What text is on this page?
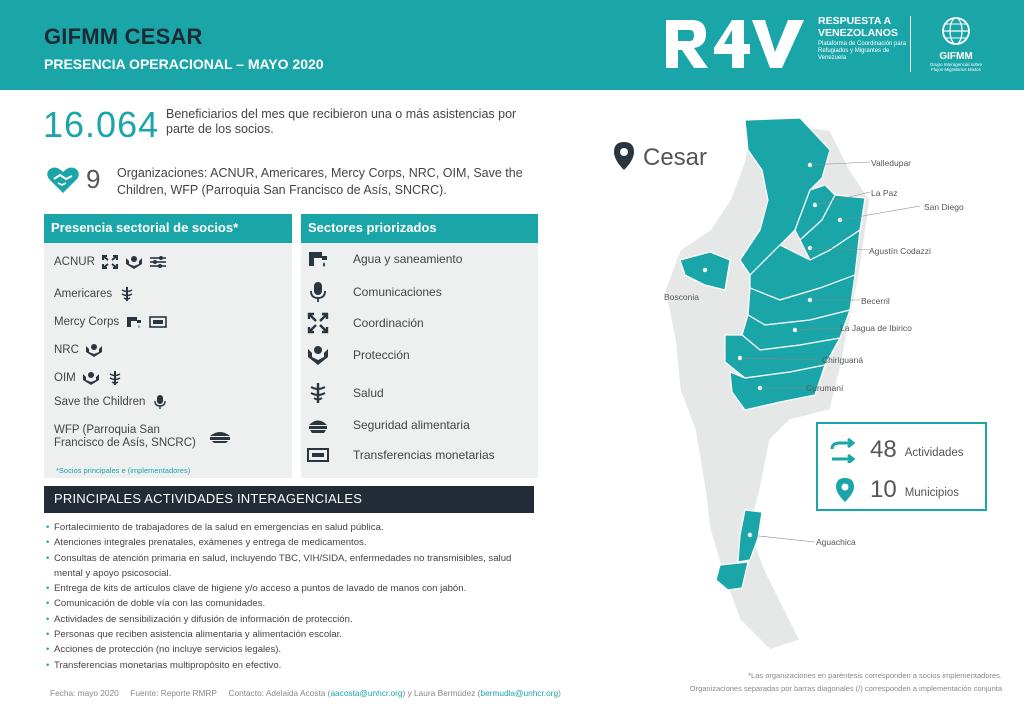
GIFMM CESAR
PRESENCIA OPERACIONAL – MAYO 2020
RESPUESTA A VENEZOLANOS
Plataforma de Coordinación para Refugiados y Migrantes de Venezuela	GIFMM
Grupo Interagencial sobre Flujos Migratorios Mixtos
16.064 Beneficiarios del mes que recibieron una o más asistencias por parte de los socios.
9 Organizaciones: ACNUR, Americares, Mercy Corps, NRC, OIM, Save the Children, WFP (Parroquia San Francisco de Asís, SNCRC).
Presencia sectorial de socios*
ACNUR
Americares
Mercy Corps
NRC
OIM
Save the Children
WFP (Parroquia San Francisco de Asís, SNCRC)
*Socios principales e (implementadores)
Sectores priorizados
Agua y saneamiento
Comunicaciones
Coordinación
Protección
Salud
Seguridad alimentaria
Transferencias monetarias
PRINCIPALES ACTIVIDADES INTERAGENCIALES
• Fortalecimiento de trabajadores de la salud en emergencias en salud pública.
• Atenciones integrales prenatales, exámenes y entrega de medicamentos.
• Consultas de atención primaria en salud, incluyendo TBC, VIH/SIDA, enfermedades no transmisibles, salud mental y apoyo psicosocial.
• Entrega de kits de artículos clave de higiene y/o acceso a puntos de lavado de manos con jabón.
• Comunicación de doble vía con las comunidades.
• Actividades de sensibilización y difusión de información de protección.
• Personas que reciben asistencia alimentaria y alimentación escolar.
• Acciones de protección (no incluye servicios legales).
• Transferencias monetarias multipropósito en efectivo.
Fecha: mayo 2020 Fuente: Reporte RMRP Contacto: Adelaida Acosta (aacosta@unhcr.org) y Laura Bermúdez (bermudla@unhcr.org)
Cesar	Valledupar
La Paz
San Diego
Agustín Codazzi
Bosconia	Becerril
La Jagua de Ibirico
Chiriguaná
Curumaní
Aguachica
48 Actividades
10 Municipios
*Las organizaciones en paréntesis corresponden a socios implementadores.
Organizaciones separadas por barras diagonales (/) corresponden a implementación conjunta
